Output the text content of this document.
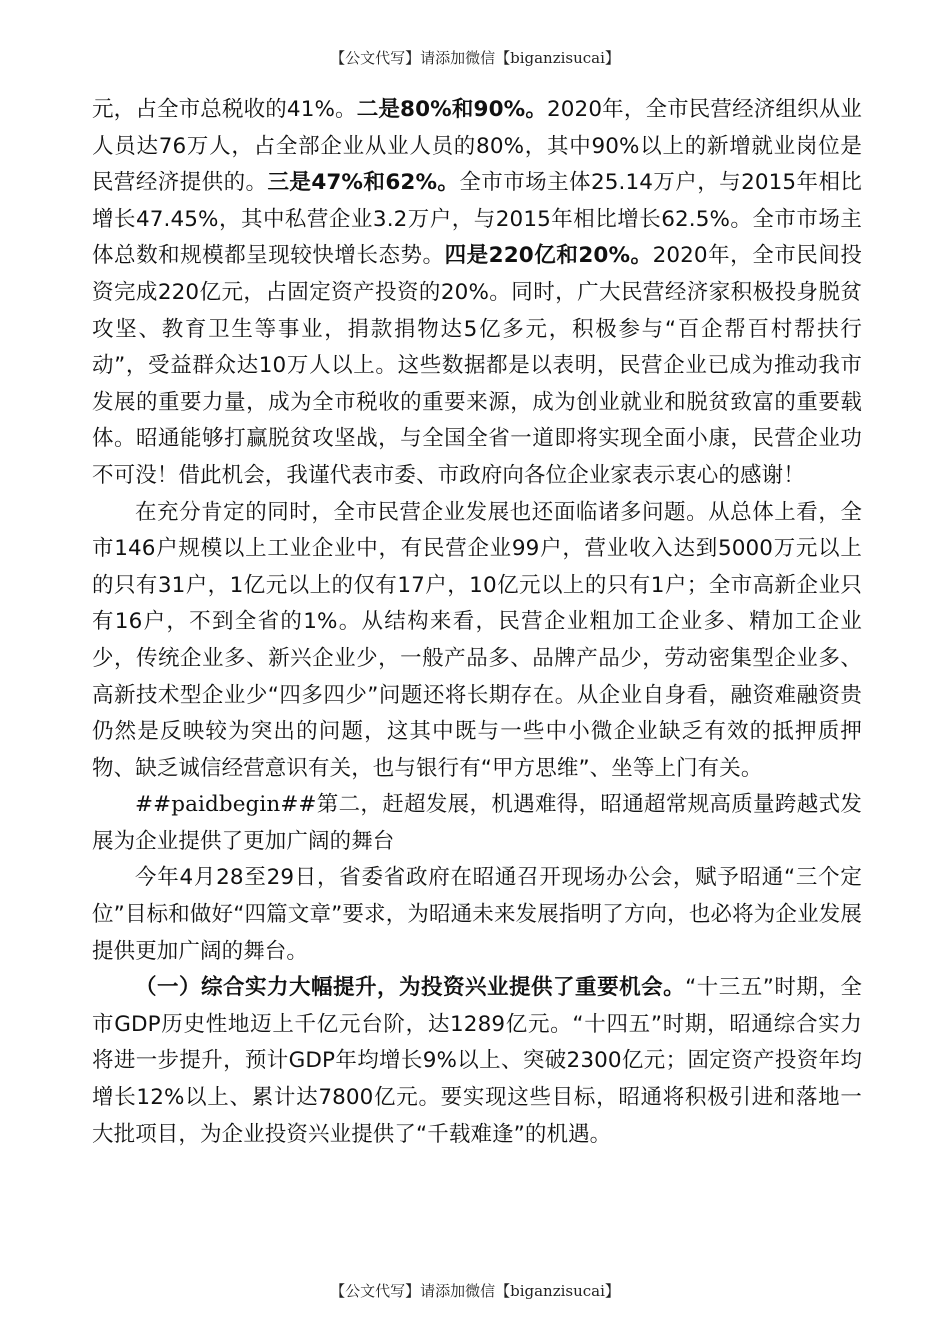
【公文代写】请添加微信【biganzisucai】

元，占全市总税收的41%。二是80%和90%。2020年，全市民营经济组织从业人员达76万人，占全部企业从业人员的80%，其中90%以上的新增就业岗位是民营经济提供的。三是47%和62%。全市市场主体25.14万户，与2015年相比增长47.45%，其中私营企业3.2万户，与2015年相比增长62.5%。全市市场主体总数和规模都呈现较快增长态势。四是220亿和20%。2020年，全市民间投资完成220亿元，占固定资产投资的20%。同时，广大民营经济家积极投身脱贫攻坚、教育卫生等事业，捐款捐物达5亿多元，积极参与“百企帮百村帮扶行动”，受益群众达10万人以上。这些数据都是以表明，民营企业已成为推动我市发展的重要力量，成为全市税收的重要来源，成为创业就业和脱贫致富的重要载体。昭通能够打赢脱贫攻坚战，与全国全省一道即将实现全面小康，民营企业功不可没！借此机会，我谨代表市委、市政府向各位企业家表示衷心的感谢！

在充分肯定的同时，全市民营企业发展也还面临诸多问题。从总体上看，全市146户规模以上工业企业中，有民营企业99户，营业收入达到5000万元以上的只有31户，1亿元以上的仅有17户，10亿元以上的只有1户；全市高新企业只有16户，不到全省的1%。从结构来看，民营企业粗加工企业多、精加工企业少，传统企业多、新兴企业少，一般产品多、品牌产品少，劳动密集型企业多、高新技术型企业少“四多四少”问题还将长期存在。从企业自身看，融资难融资贵仍然是反映较为突出的问题，这其中既与一些中小微企业缺乏有效的抵押质押物、缺乏诚信经营意识有关，也与银行有“甲方思维”、坐等上门有关。

##paidbegin##第二，赶超发展，机遇难得，昭通超常规高质量跨越式发展为企业提供了更加广阔的舞台

今年4月28至29日，省委省政府在昭通召开现场办公会，赋予昭通“三个定位”目标和做好“四篇文章”要求，为昭通未来发展指明了方向，也必将为企业发展提供更加广阔的舞台。

（一）综合实力大幅提升，为投资兴业提供了重要机会。“十三五”时期，全市GDP历史性地迈上千亿元台阶，达1289亿元。“十四五”时期，昭通综合实力将进一步提升，预计GDP年均增长9%以上、突破2300亿元；固定资产投资年均增长12%以上、累计达7800亿元。要实现这些目标，昭通将积极引进和落地一大批项目，为企业投资兴业提供了“千载难逢”的机遇。

【公文代写】请添加微信【biganzisucai】
